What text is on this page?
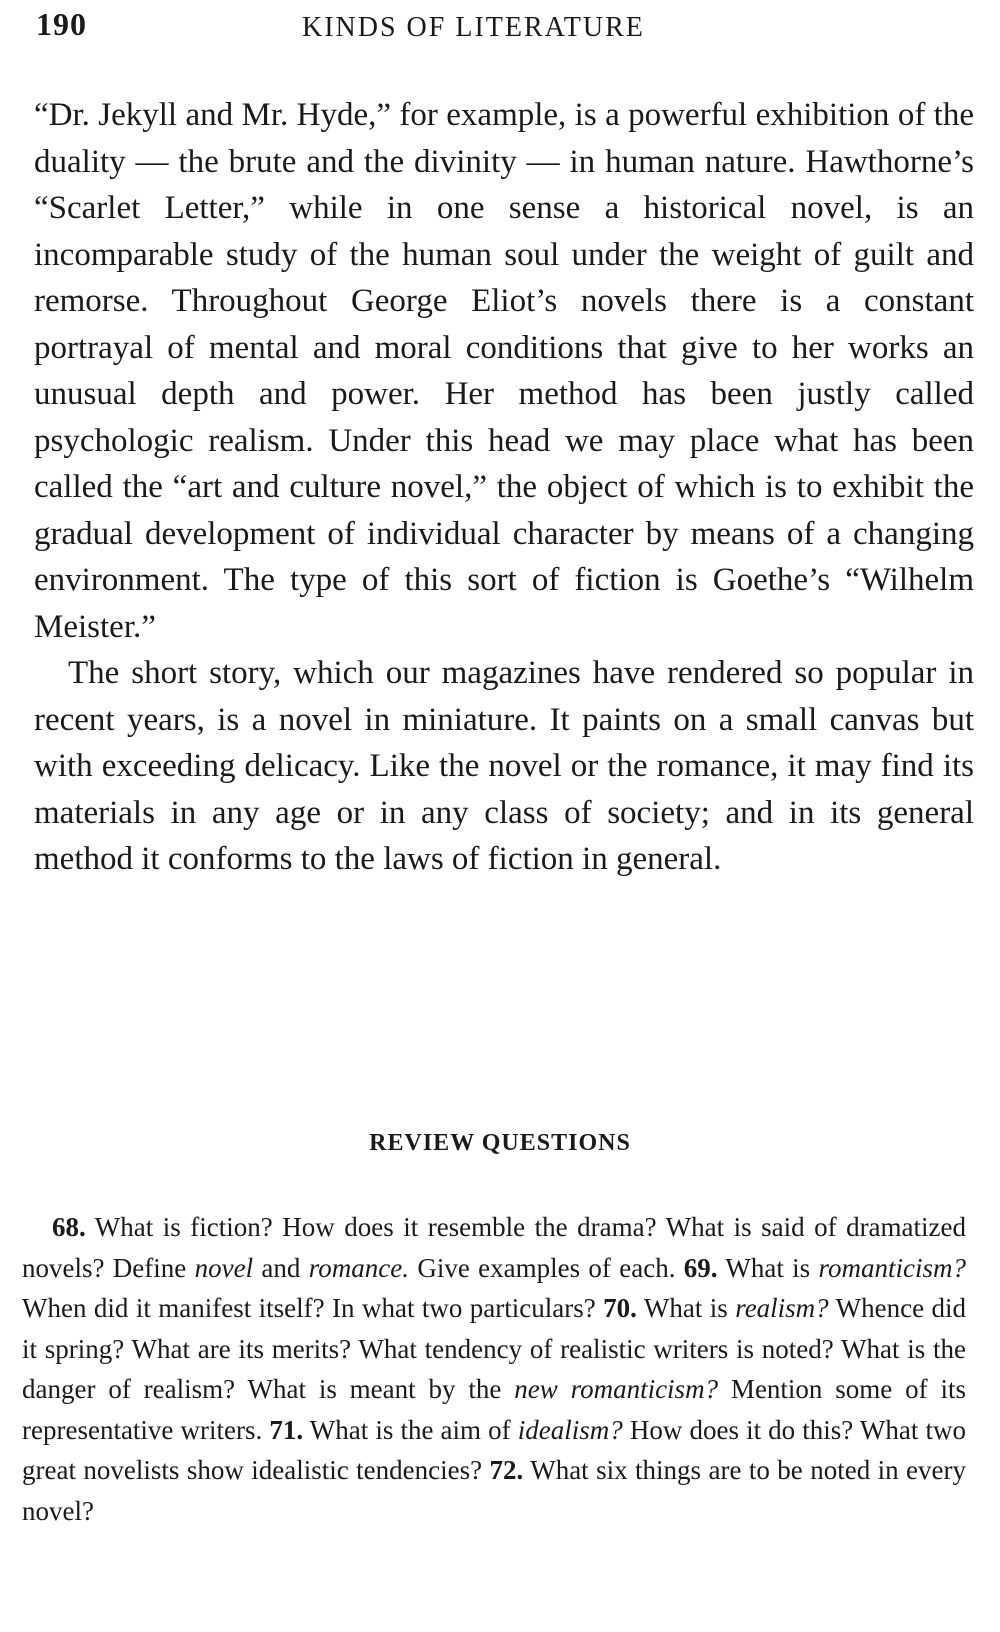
190	KINDS OF LITERATURE

“Dr. Jekyll and Mr. Hyde,” for example, is a powerful exhibition of the duality — the brute and the divinity — in human nature. Hawthorne’s “Scarlet Letter,” while in one sense a historical novel, is an incomparable study of the human soul under the weight of guilt and remorse. Throughout George Eliot’s novels there is a constant portrayal of mental and moral conditions that give to her works an unusual depth and power. Her method has been justly called psychologic realism. Under this head we may place what has been called the “art and culture novel,” the object of which is to exhibit the gradual development of individual character by means of a changing environment. The type of this sort of fiction is Goethe’s “Wilhelm Meister.”

The short story, which our magazines have rendered so popular in recent years, is a novel in miniature. It paints on a small canvas but with exceeding delicacy. Like the novel or the romance, it may find its materials in any age or in any class of society; and in its general method it conforms to the laws of fiction in general.

REVIEW QUESTIONS

68. What is fiction? How does it resemble the drama? What is said of dramatized novels? Define novel and romance. Give examples of each. 69. What is romanticism? When did it manifest itself? In what two particulars? 70. What is realism? Whence did it spring? What are its merits? What tendency of realistic writers is noted? What is the danger of realism? What is meant by the new romanticism? Mention some of its representative writers. 71. What is the aim of idealism? How does it do this? What two great novelists show idealistic tendencies? 72. What six things are to be noted in every novel?
